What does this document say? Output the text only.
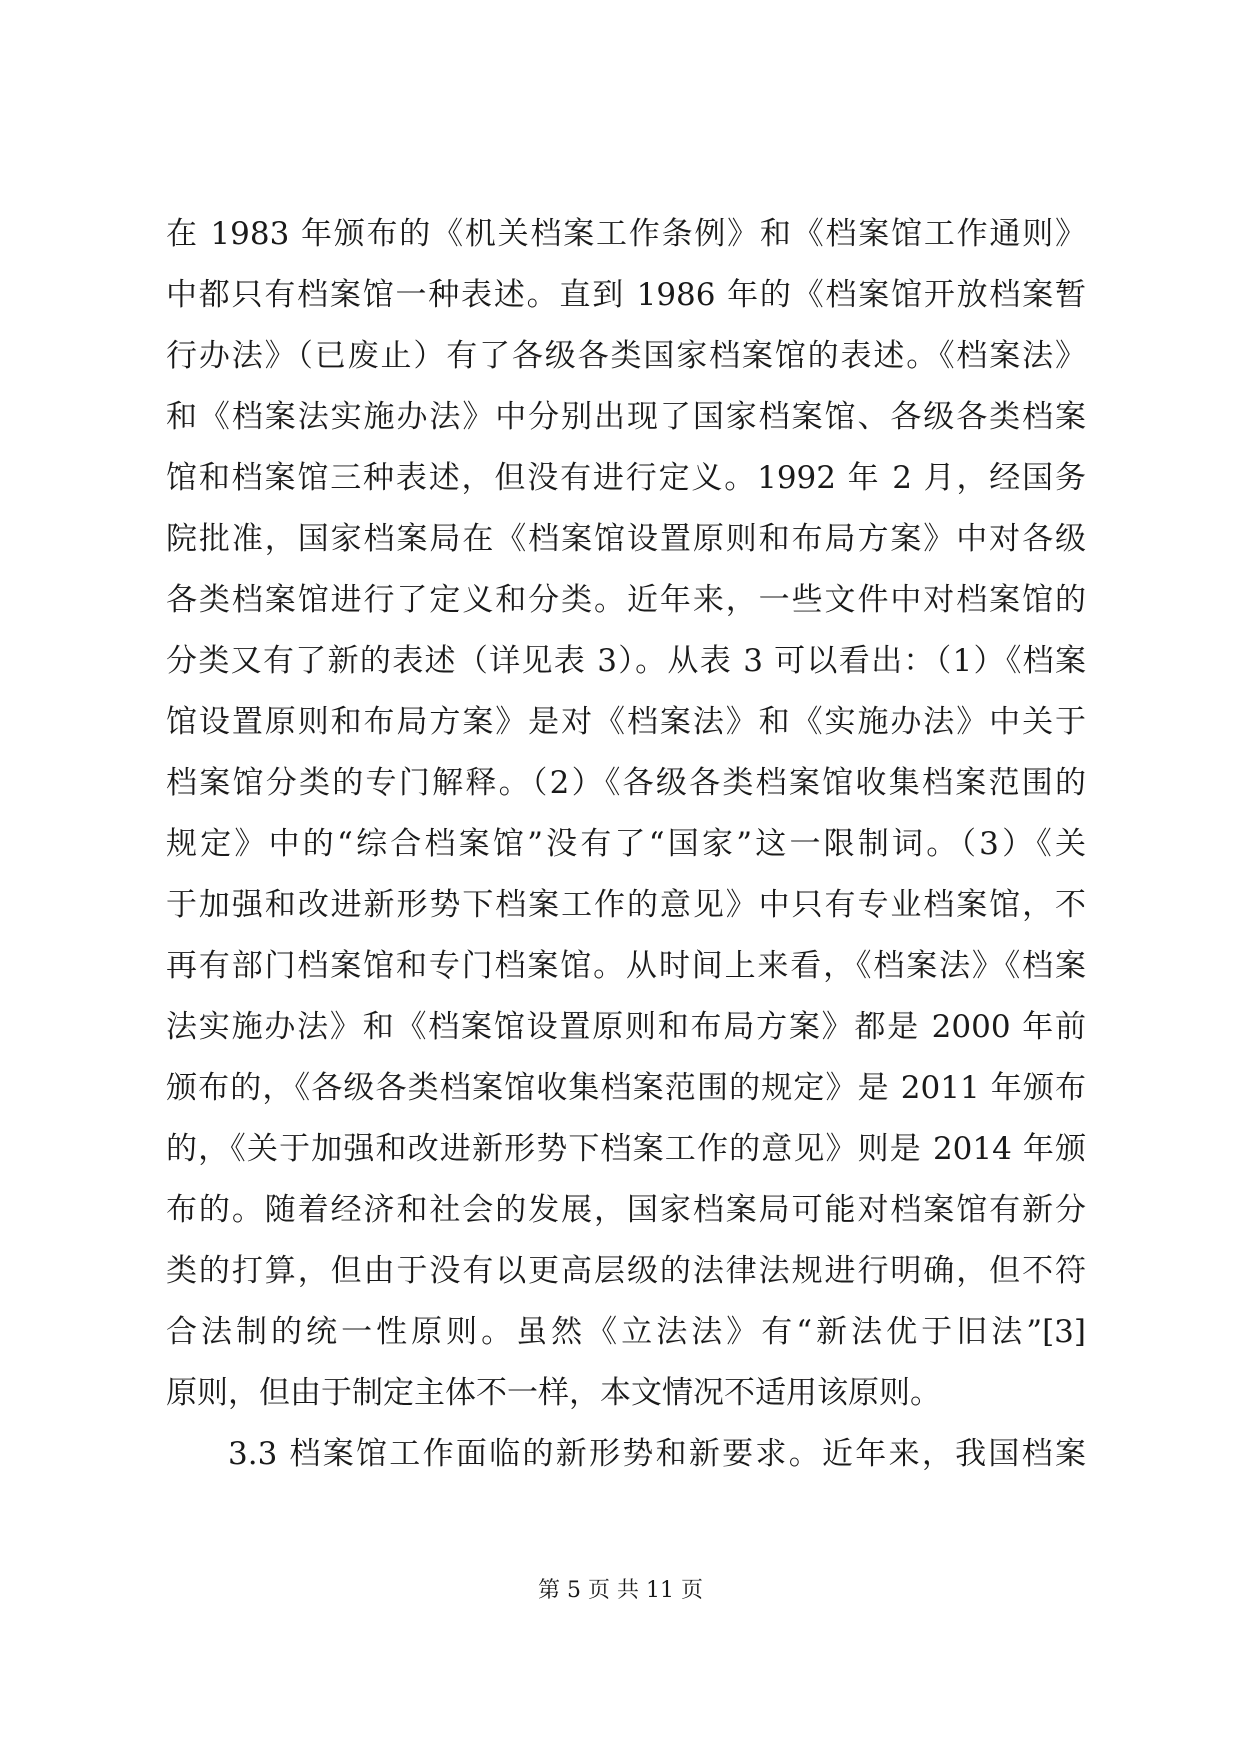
在 1983 年颁布的《机关档案工作条例》和《档案馆工作通则》
中都只有档案馆一种表述。直到 1986 年的《档案馆开放档案暂
行办法》（已废止）有了各级各类国家档案馆的表述。《档案法》
和《档案法实施办法》中分别出现了国家档案馆、各级各类档案
馆和档案馆三种表述，但没有进行定义。1992 年 2 月，经国务
院批准，国家档案局在《档案馆设置原则和布局方案》中对各级
各类档案馆进行了定义和分类。近年来，一些文件中对档案馆的
分类又有了新的表述（详见表 3）。从表 3 可以看出：（1）《档案
馆设置原则和布局方案》是对《档案法》和《实施办法》中关于
档案馆分类的专门解释。（2）《各级各类档案馆收集档案范围的
规定》中的“综合档案馆”没有了“国家”这一限制词。（3）《关
于加强和改进新形势下档案工作的意见》中只有专业档案馆，不
再有部门档案馆和专门档案馆。从时间上来看，《档案法》《档案
法实施办法》和《档案馆设置原则和布局方案》都是 2000 年前
颁布的，《各级各类档案馆收集档案范围的规定》是 2011 年颁布
的，《关于加强和改进新形势下档案工作的意见》则是 2014 年颁
布的。随着经济和社会的发展，国家档案局可能对档案馆有新分
类的打算，但由于没有以更高层级的法律法规进行明确，但不符
合法制的统一性原则。虽然《立法法》有“新法优于旧法”[3]
原则，但由于制定主体不一样，本文情况不适用该原则。
3.3 档案馆工作面临的新形势和新要求。近年来，我国档案
第 5 页 共 11 页
